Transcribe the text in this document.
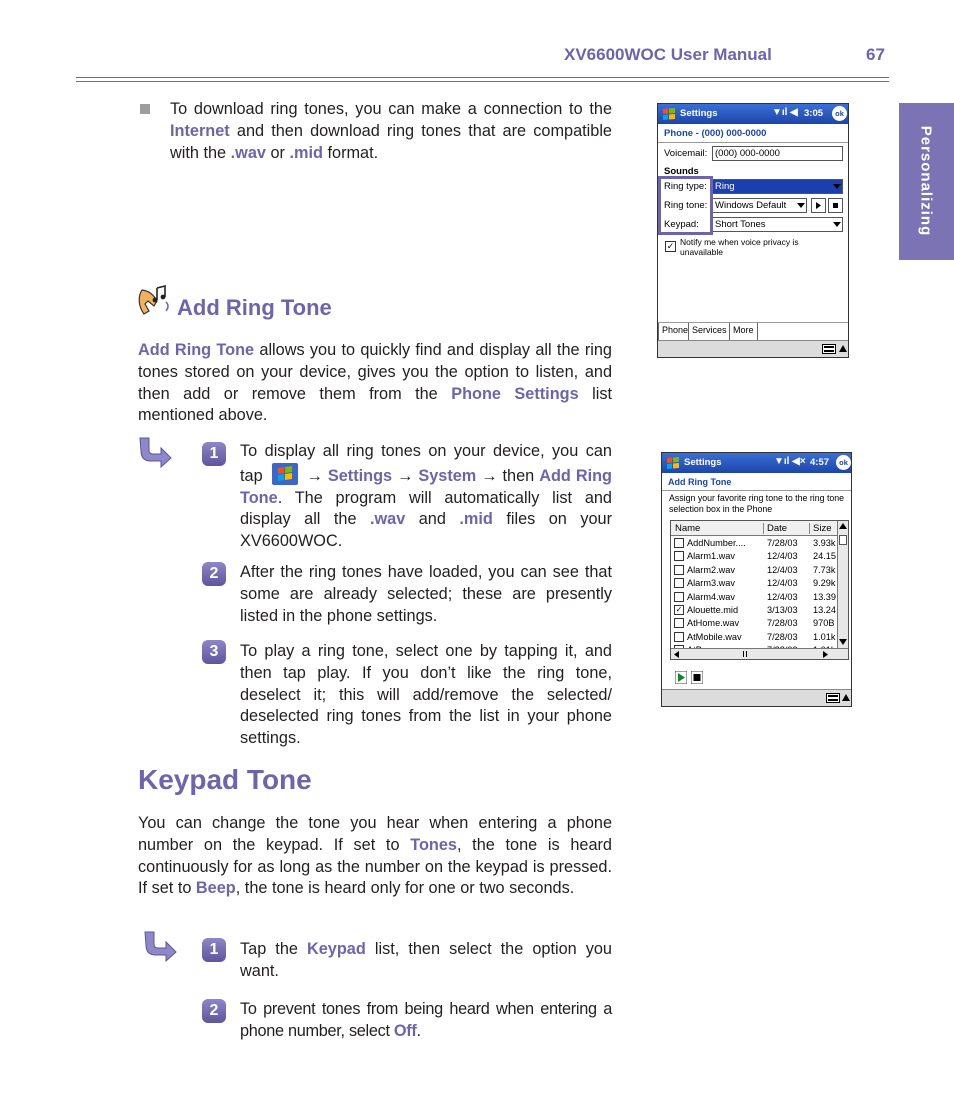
XV6600WOC User Manual	67
Personalizing
To download ring tones, you can make a connection to the Internet and then download ring tones that are compatible with the .wav or .mid format.
Add Ring Tone
Add Ring Tone allows you to quickly find and display all the ring tones stored on your device, gives you the option to listen, and then add or remove them from the Phone Settings list mentioned above.
1	To display all ring tones on your device, you can tap	→ Settings → System → then Add Ring Tone. The program will automatically list and display all the .wav and .mid files on your XV6600WOC.
2	After the ring tones have loaded, you can see that some are already selected; these are presently listed in the phone settings.
3	To play a ring tone, select one by tapping it, and then tap play. If you don’t like the ring tone, deselect it; this will add/remove the selected/ deselected ring tones from the list in your phone settings.
Keypad Tone
You can change the tone you hear when entering a phone number on the keypad. If set to Tones, the tone is heard continuously for as long as the number on the keypad is pressed. If set to Beep, the tone is heard only for one or two seconds.
1	Tap the Keypad list, then select the option you want.
2	To prevent tones from being heard when entering a phone number, select Off.
Settings	▼ıl ◀ 3:05	ok
Phone - (000) 000-0000
Voicemail: (000) 000-0000
Sounds
Ring type: Ring
Ring tone: Windows Default
Keypad:	Short Tones
✓ Notify me when voice privacy is unavailable
Phone Services More
Settings	▼ıl ◀× 4:57	ok
Add Ring Tone
Assign your favorite ring tone to the ring tone selection box in the Phone
Name	Date	Size
AddNumber.... 7/28/03 3.93k
Alarm1.wav	12/4/03 24.15
Alarm2.wav	12/4/03 7.73k
Alarm3.wav	12/4/03 9.29k
Alarm4.wav	12/4/03 13.39
✓ Alouette.mid	3/13/03 13.24
AtHome.wav	7/28/03 970B
AtMobile.wav	7/28/03 1.01k
